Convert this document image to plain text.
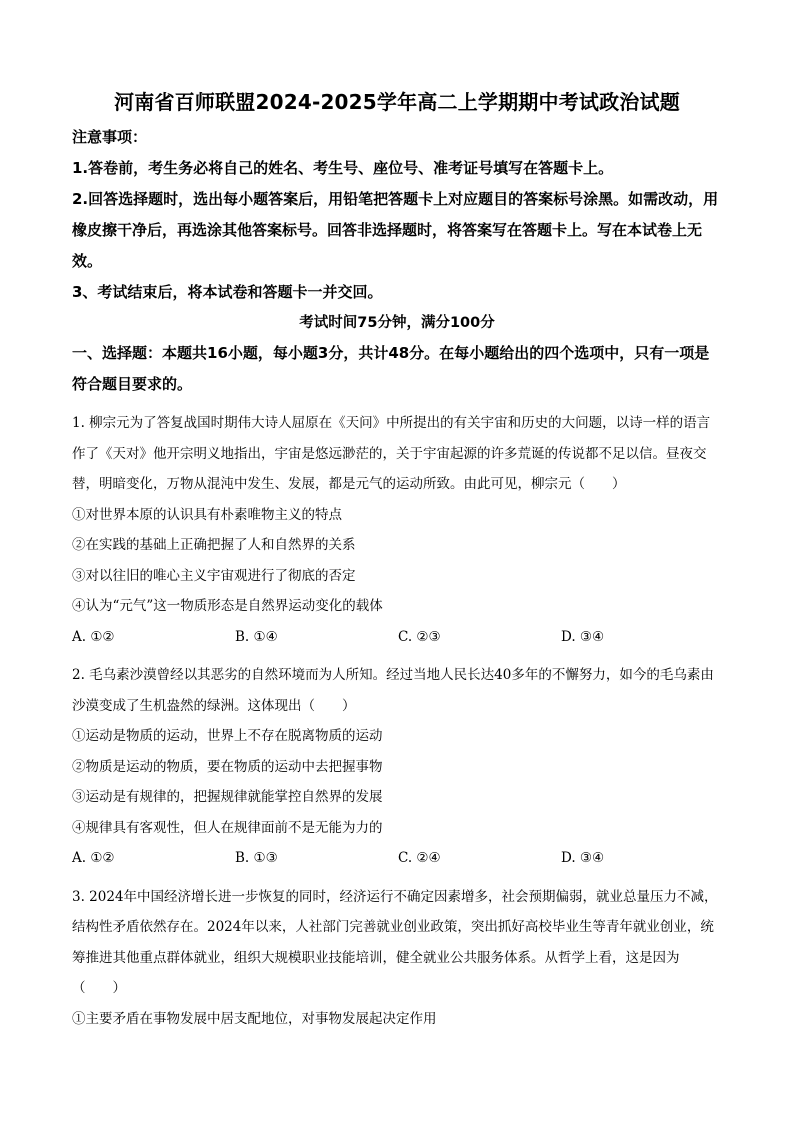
河南省百师联盟2024-2025学年高二上学期期中考试政治试题
注意事项：
1.答卷前，考生务必将自己的姓名、考生号、座位号、准考证号填写在答题卡上。
2.回答选择题时，选出每小题答案后，用铅笔把答题卡上对应题目的答案标号涂黑。如需改动，用橡皮擦干净后，再选涂其他答案标号。回答非选择题时，将答案写在答题卡上。写在本试卷上无效。
3、考试结束后，将本试卷和答题卡一并交回。
考试时间75分钟，满分100分
一、选择题：本题共16小题，每小题3分，共计48分。在每小题给出的四个选项中，只有一项是符合题目要求的。
1. 柳宗元为了答复战国时期伟大诗人屈原在《天问》中所提出的有关宇宙和历史的大问题，以诗一样的语言作了《天对》他开宗明义地指出，宇宙是悠远渺茫的，关于宇宙起源的许多荒诞的传说都不足以信。昼夜交替，明暗变化，万物从混沌中发生、发展，都是元气的运动所致。由此可见，柳宗元（　　）
①对世界本原的认识具有朴素唯物主义的特点
②在实践的基础上正确把握了人和自然界的关系
③对以往旧的唯心主义宇宙观进行了彻底的否定
④认为“元气”这一物质形态是自然界运动变化的载体
A. ①②	B. ①④	C. ②③	D. ③④
2. 毛乌素沙漠曾经以其恶劣的自然环境而为人所知。经过当地人民长达40多年的不懈努力，如今的毛乌素由沙漠变成了生机盎然的绿洲。这体现出（　　）
①运动是物质的运动，世界上不存在脱离物质的运动
②物质是运动的物质，要在物质的运动中去把握事物
③运动是有规律的，把握规律就能掌控自然界的发展
④规律具有客观性，但人在规律面前不是无能为力的
A. ①②	B. ①③	C. ②④	D. ③④
3. 2024年中国经济增长进一步恢复的同时，经济运行不确定因素增多，社会预期偏弱，就业总量压力不减，结构性矛盾依然存在。2024年以来，人社部门完善就业创业政策，突出抓好高校毕业生等青年就业创业，统筹推进其他重点群体就业，组织大规模职业技能培训，健全就业公共服务体系。从哲学上看，这是因为（　　）
①主要矛盾在事物发展中居支配地位，对事物发展起决定作用
